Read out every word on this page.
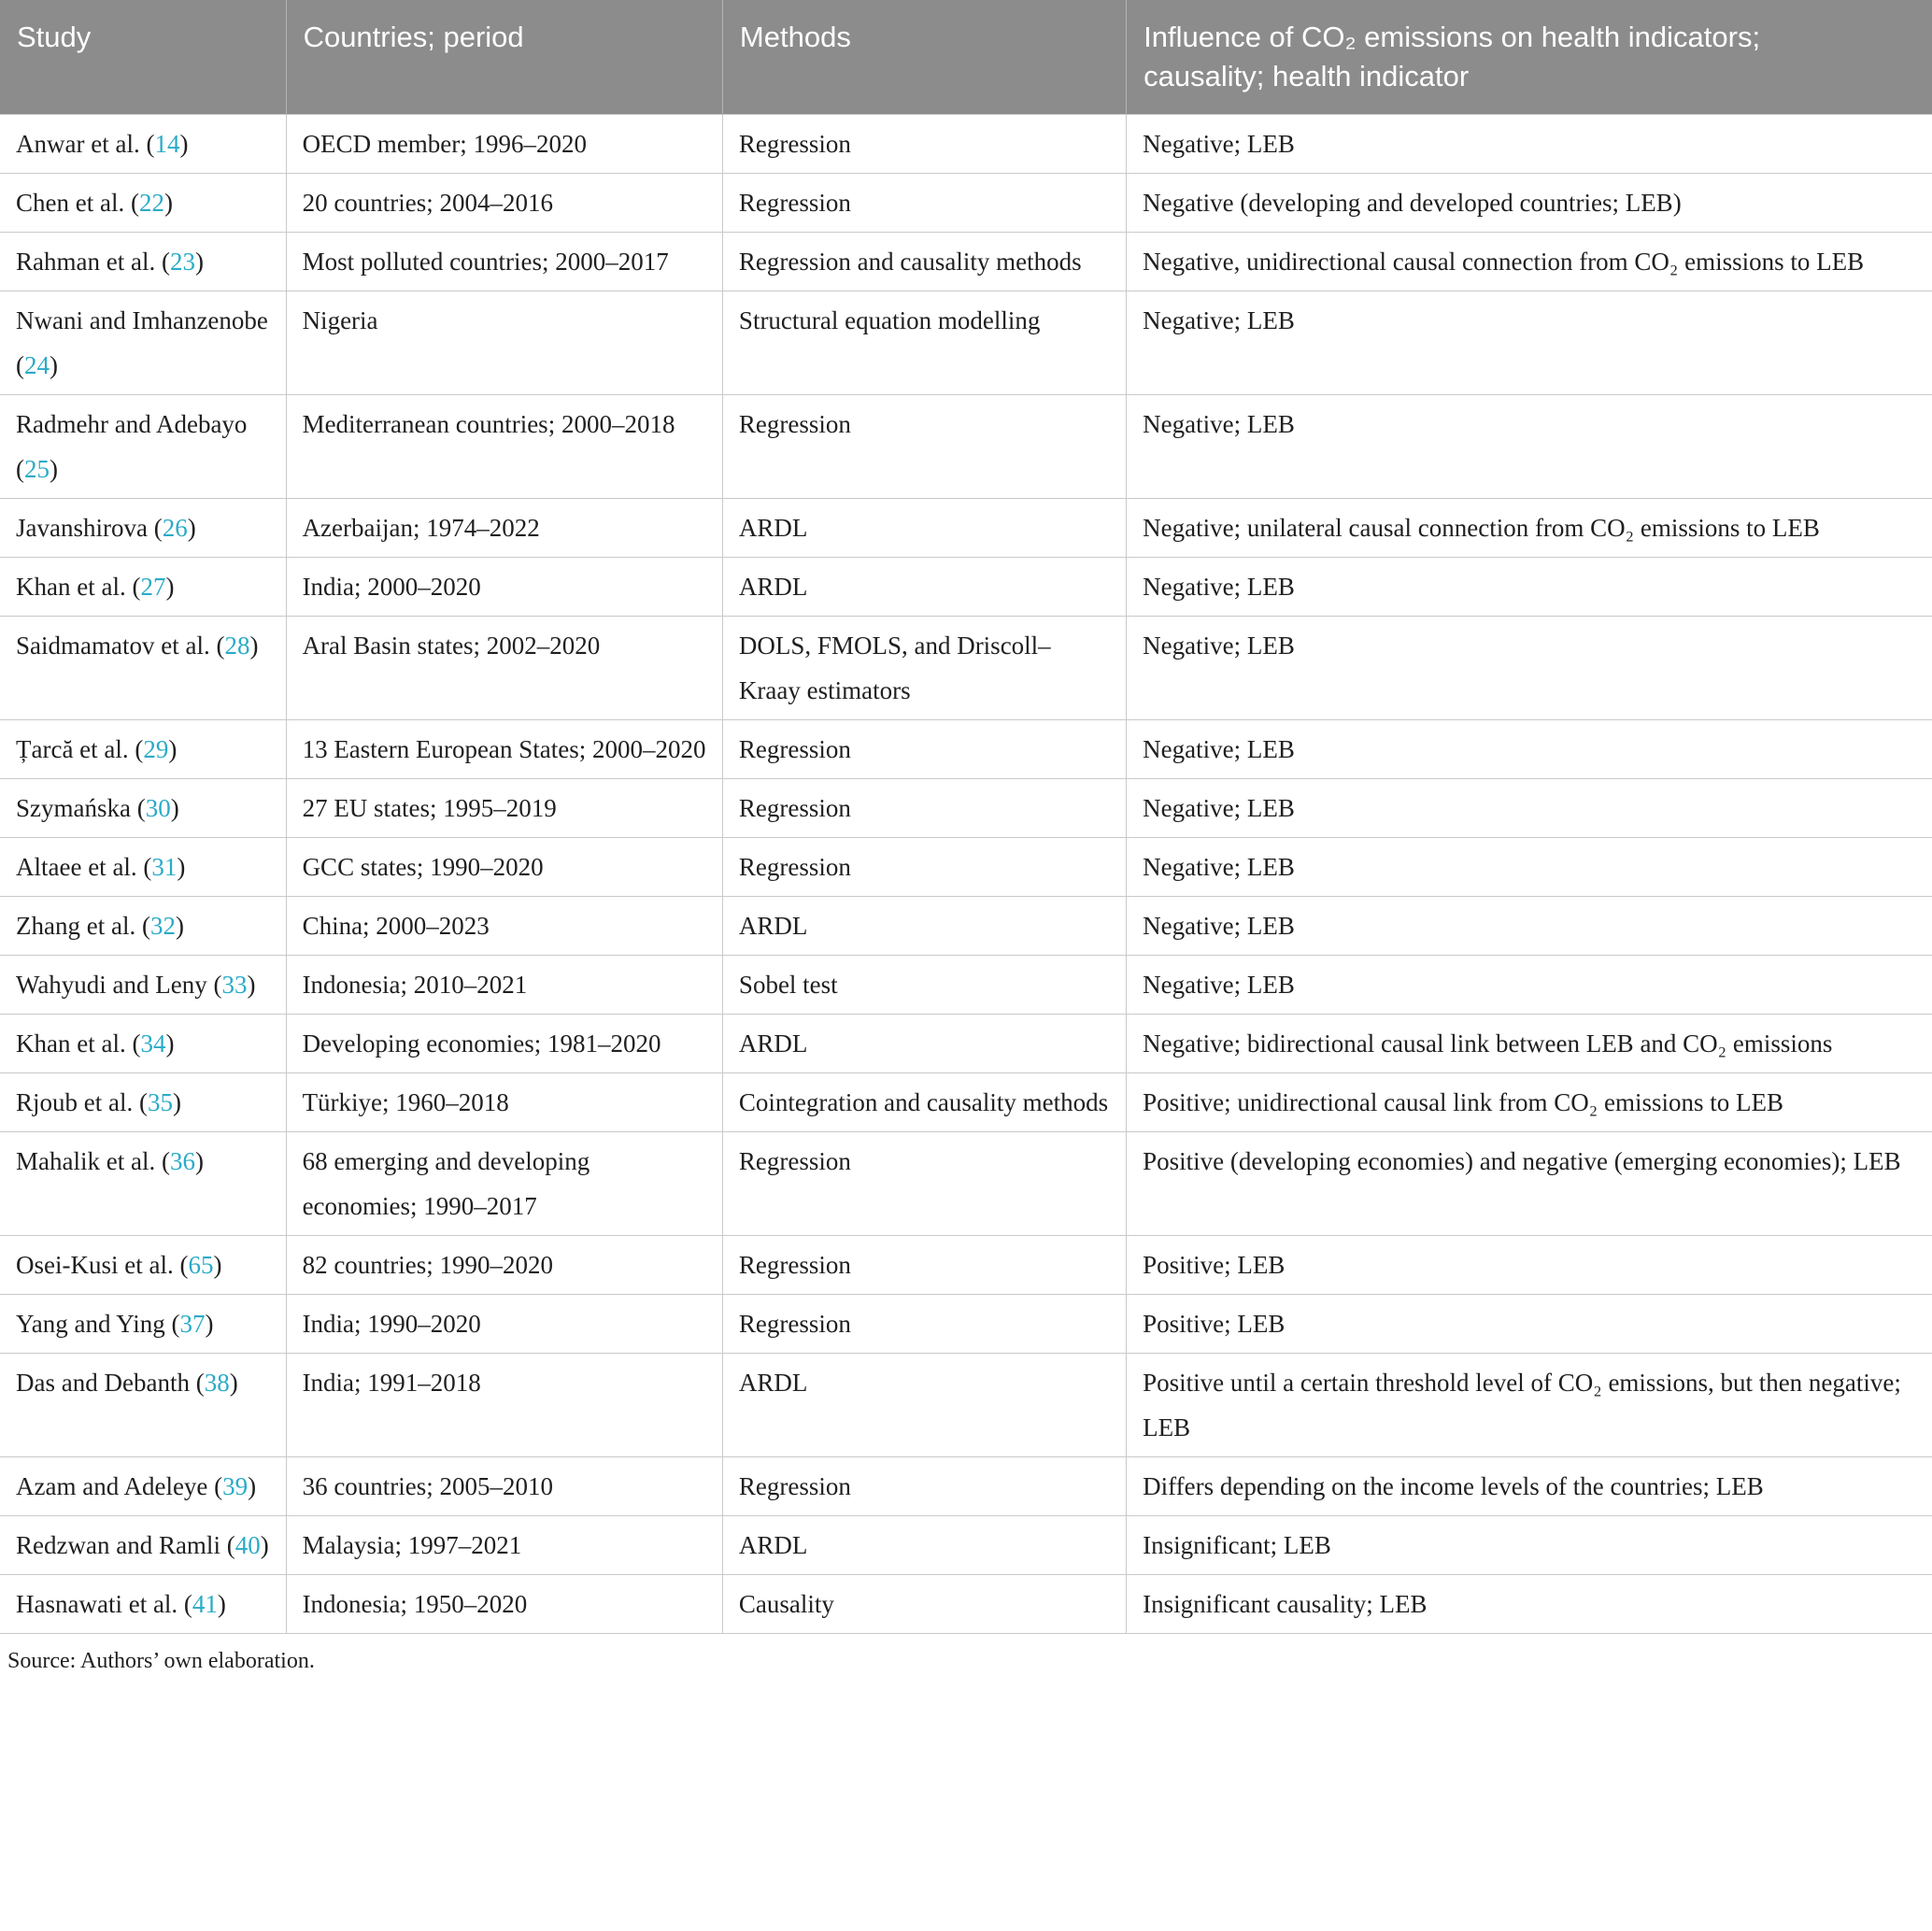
Study	Countries; period	Methods	Influence of CO₂ emissions on health indicators; causality; health indicator
Anwar et al. (14)	OECD member; 1996–2020	Regression	Negative; LEB
Chen et al. (22)	20 countries; 2004–2016	Regression	Negative (developing and developed countries; LEB)
Rahman et al. (23)	Most polluted countries; 2000–2017	Regression and causality methods	Negative, unidirectional causal connection from CO₂ emissions to LEB
Nwani and Imhanzenobe (24)	Nigeria	Structural equation modelling	Negative; LEB
Radmehr and Adebayo (25)	Mediterranean countries; 2000–2018	Regression	Negative; LEB
Javanshirova (26)	Azerbaijan; 1974–2022	ARDL	Negative; unilateral causal connection from CO₂ emissions to LEB
Khan et al. (27)	India; 2000–2020	ARDL	Negative; LEB
Saidmamatov et al. (28)	Aral Basin states; 2002–2020	DOLS, FMOLS, and Driscoll–Kraay estimators	Negative; LEB
Țarcă et al. (29)	13 Eastern European States; 2000–2020	Regression	Negative; LEB
Szymańska (30)	27 EU states; 1995–2019	Regression	Negative; LEB
Altaee et al. (31)	GCC states; 1990–2020	Regression	Negative; LEB
Zhang et al. (32)	China; 2000–2023	ARDL	Negative; LEB
Wahyudi and Leny (33)	Indonesia; 2010–2021	Sobel test	Negative; LEB
Khan et al. (34)	Developing economies; 1981–2020	ARDL	Negative; bidirectional causal link between LEB and CO₂ emissions
Rjoub et al. (35)	Türkiye; 1960–2018	Cointegration and causality methods	Positive; unidirectional causal link from CO₂ emissions to LEB
Mahalik et al. (36)	68 emerging and developing economies; 1990–2017	Regression	Positive (developing economies) and negative (emerging economies); LEB
Osei-Kusi et al. (65)	82 countries; 1990–2020	Regression	Positive; LEB
Yang and Ying (37)	India; 1990–2020	Regression	Positive; LEB
Das and Debanth (38)	India; 1991–2018	ARDL	Positive until a certain threshold level of CO₂ emissions, but then negative; LEB
Azam and Adeleye (39)	36 countries; 2005–2010	Regression	Differs depending on the income levels of the countries; LEB
Redzwan and Ramli (40)	Malaysia; 1997–2021	ARDL	Insignificant; LEB
Hasnawati et al. (41)	Indonesia; 1950–2020	Causality	Insignificant causality; LEB
Source: Authors’ own elaboration.
